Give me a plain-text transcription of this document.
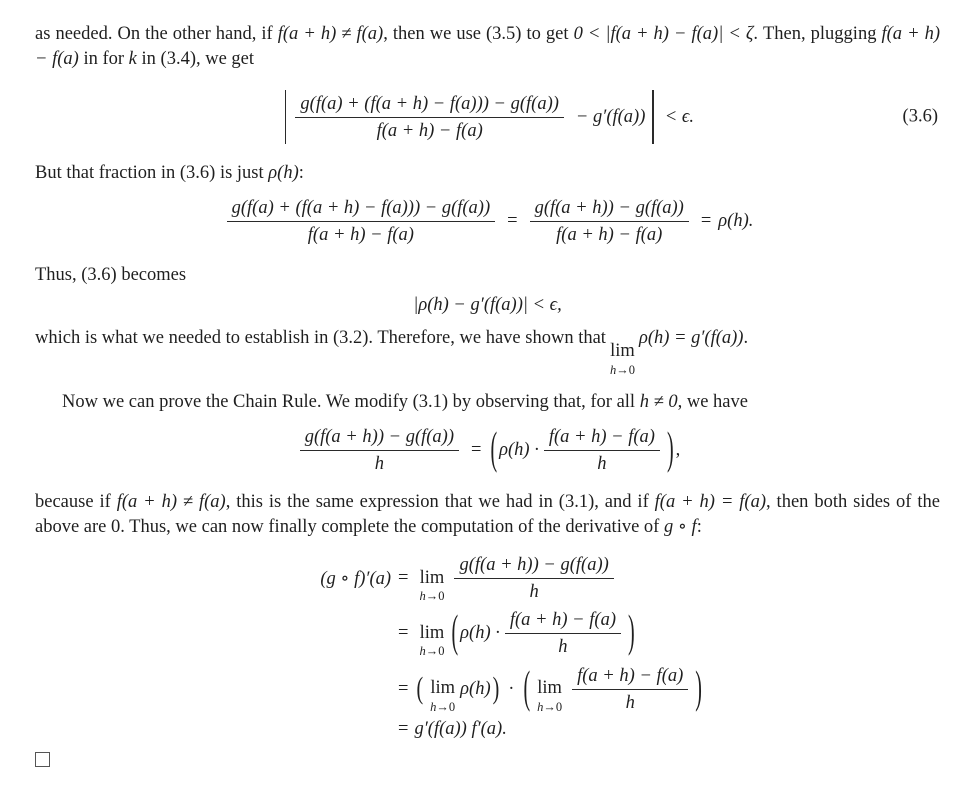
as needed. On the other hand, if f(a + h) ≠ f(a), then we use (3.5) to get 0 < |f(a + h) − f(a)| < ζ. Then, plugging f(a + h) − f(a) in for k in (3.4), we get

$\frac{g(f(a) + (f(a + h) - f(a))) - g(f(a))}{f(a + h) - f(a)} - g'(f(a)) < \epsilon$.	(3.6)

But that fraction in (3.6) is just ρ(h):

$\frac{g(f(a) + (f(a + h) - f(a))) - g(f(a))}{f(a + h) - f(a)} = \frac{g(f(a + h)) - g(f(a))}{f(a + h) - f(a)} = \rho(h)$.

Thus, (3.6) becomes

|ρ(h) − g′(f(a))| < ϵ,

which is what we needed to establish in (3.2). Therefore, we have shown that
lim
h→0
ρ(h) = g′(f(a)).

Now we can prove the Chain Rule. We modify (3.1) by observing that, for all h ≠ 0, we have

$\frac{g(f(a + h)) - g(f(a))}{h}$ = ( $\rho(h) \cdot \frac{f(a + h) - f(a)}{h}$ ) ,

because if f(a + h) ≠ f(a), this is the same expression that we had in (3.1), and if f(a + h) = f(a), then both sides of the above are 0. Thus, we can now finally complete the computation of the derivative of g ∘ f:

(g ∘ f)′(a) = lim
$h\to 0 \frac{g(f(a + h)) - g(f(a))}{h}$
= lim
h→0 ( $\rho(h) \cdot \frac{f(a + h) - f(a)}{h}$ )
= ( lim
h→0
ρ(h) ) · ( lim
$h\to 0 \frac{f(a + h) - f(a)}{h}$ )
= g′(f(a)) f′(a).
